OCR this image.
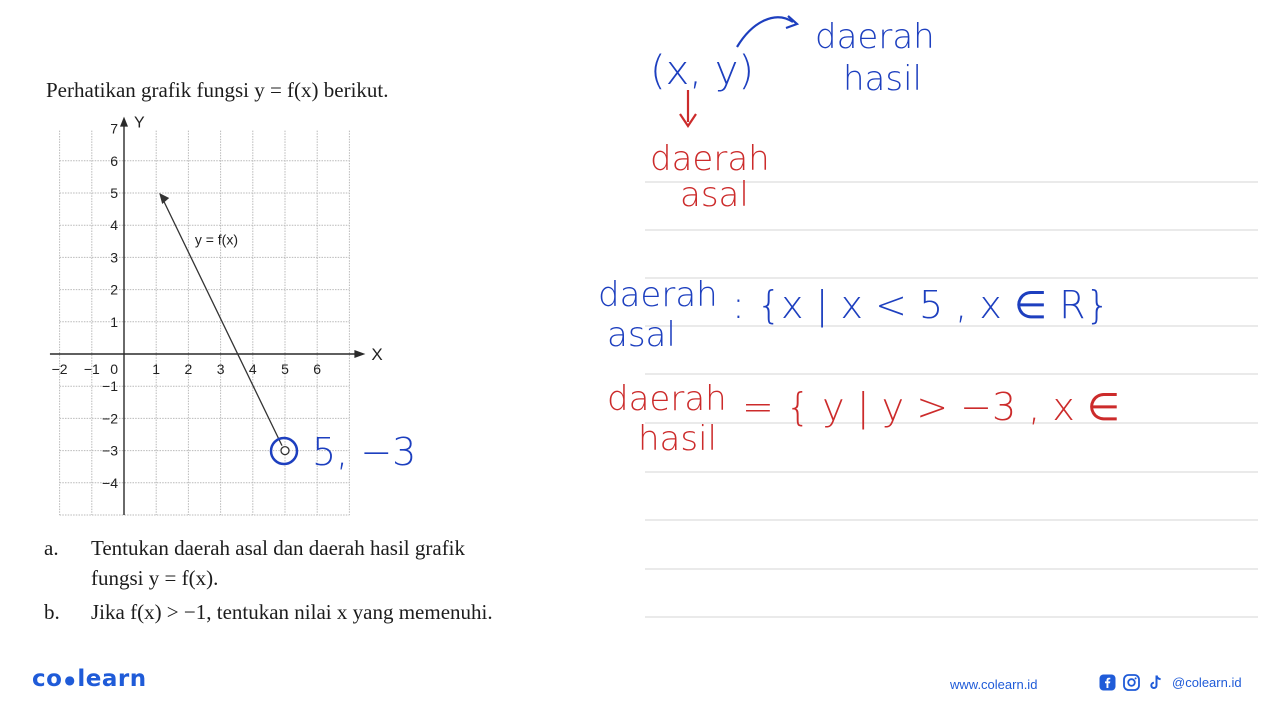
Perhatikan grafik fungsi y = f(x) berikut.
X
Y
−2 −1	1 2 3 4 5 6
7
6
5
4
3
2
1
−1
−2
−3
−4
0
y = f(x)
a. Tentukan daerah asal dan daerah hasil grafik
fungsi y = f(x).
b. Jika f(x) > −1, tentukan nilai x yang memenuhi.
(x, y)
daerah
hasil
daerah
asal
daerah
asal
: {x | x < 5 , x ∈ R}
daerah
hasil
= { y | y > −3 , x ∈
5, −3
co ●learn	www.colearn.id	@colearn.id
